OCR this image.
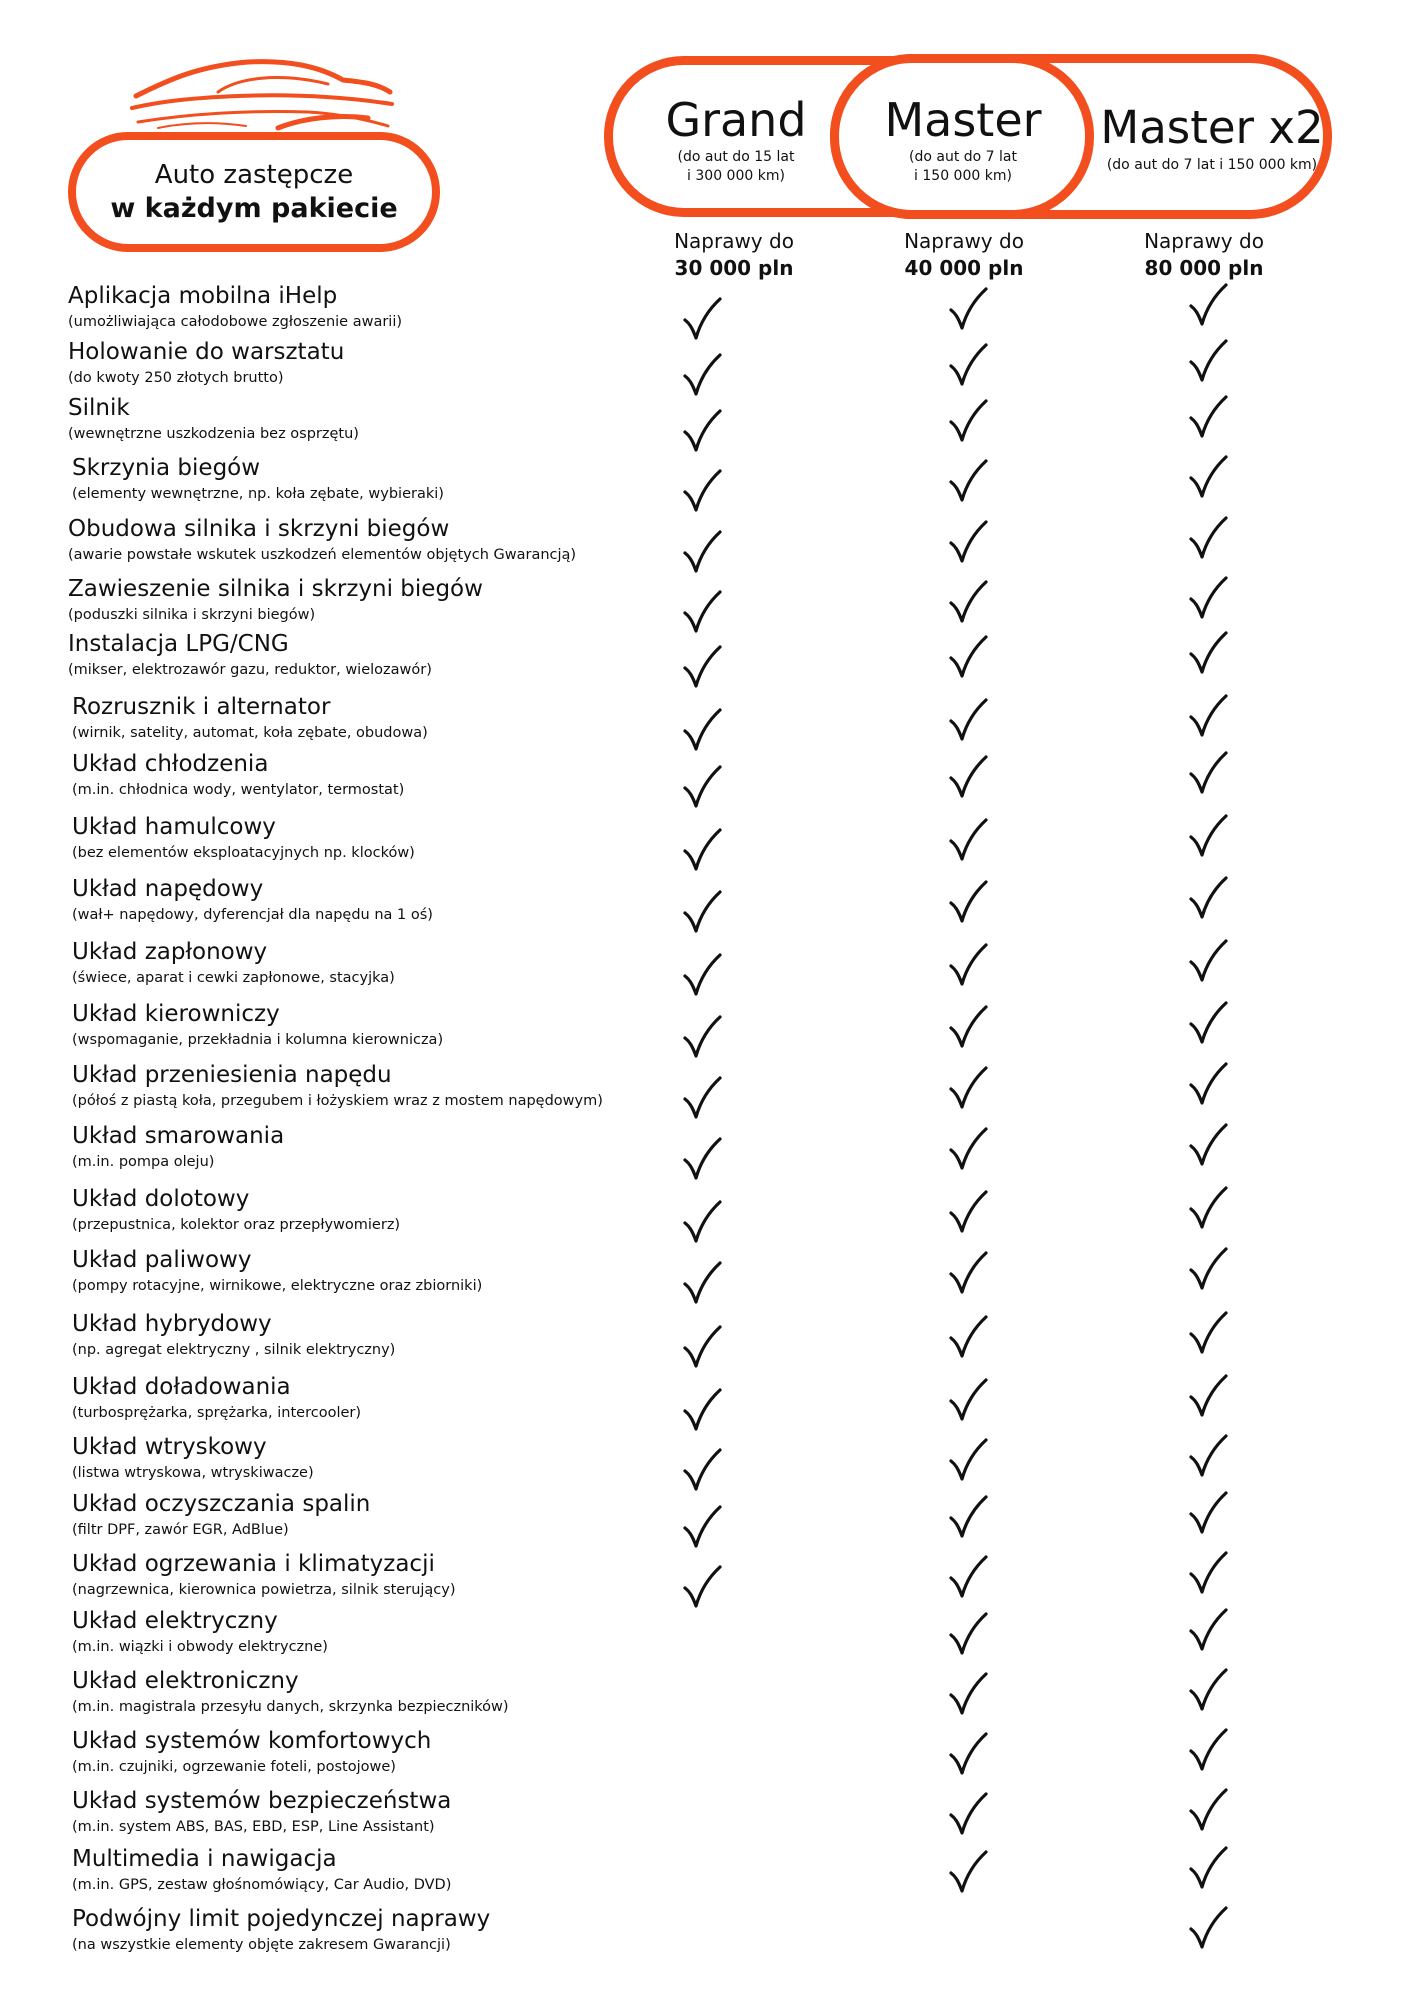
Auto zastępcze
w każdym pakiecie
Grand
(do aut do 15 lat
i 300 000 km)
Master
(do aut do 7 lat
i 150 000 km)
Master x2
(do aut do 7 lat i 150 000 km)
Naprawy do
30 000 pln
Naprawy do
40 000 pln
Naprawy do
80 000 pln
Aplikacja mobilna iHelp
(umożliwiająca całodobowe zgłoszenie awarii)
Holowanie do warsztatu
(do kwoty 250 złotych brutto)
Silnik
(wewnętrzne uszkodzenia bez osprzętu)
Skrzynia biegów
(elementy wewnętrzne, np. koła zębate, wybieraki)
Obudowa silnika i skrzyni biegów
(awarie powstałe wskutek uszkodzeń elementów objętych Gwarancją)
Zawieszenie silnika i skrzyni biegów
(poduszki silnika i skrzyni biegów)
Instalacja LPG/CNG
(mikser, elektrozawór gazu, reduktor, wielozawór)
Rozrusznik i alternator
(wirnik, satelity, automat, koła zębate, obudowa)
Układ chłodzenia
(m.in. chłodnica wody, wentylator, termostat)
Układ hamulcowy
(bez elementów eksploatacyjnych np. klocków)
Układ napędowy
(wał+ napędowy, dyferencjał dla napędu na 1 oś)
Układ zapłonowy
(świece, aparat i cewki zapłonowe, stacyjka)
Układ kierowniczy
(wspomaganie, przekładnia i kolumna kierownicza)
Układ przeniesienia napędu
(półoś z piastą koła, przegubem i łożyskiem wraz z mostem napędowym)
Układ smarowania
(m.in. pompa oleju)
Układ dolotowy
(przepustnica, kolektor oraz przepływomierz)
Układ paliwowy
(pompy rotacyjne, wirnikowe, elektryczne oraz zbiorniki)
Układ hybrydowy
(np. agregat elektryczny , silnik elektryczny)
Układ doładowania
(turbosprężarka, sprężarka, intercooler)
Układ wtryskowy
(listwa wtryskowa, wtryskiwacze)
Układ oczyszczania spalin
(filtr DPF, zawór EGR, AdBlue)
Układ ogrzewania i klimatyzacji
(nagrzewnica, kierownica powietrza, silnik sterujący)
Układ elektryczny
(m.in. wiązki i obwody elektryczne)
Układ elektroniczny
(m.in. magistrala przesyłu danych, skrzynka bezpieczników)
Układ systemów komfortowych
(m.in. czujniki, ogrzewanie foteli, postojowe)
Układ systemów bezpieczeństwa
(m.in. system ABS, BAS, EBD, ESP, Line Assistant)
Multimedia i nawigacja
(m.in. GPS, zestaw głośnomówiący, Car Audio, DVD)
Podwójny limit pojedynczej naprawy
(na wszystkie elementy objęte zakresem Gwarancji)
